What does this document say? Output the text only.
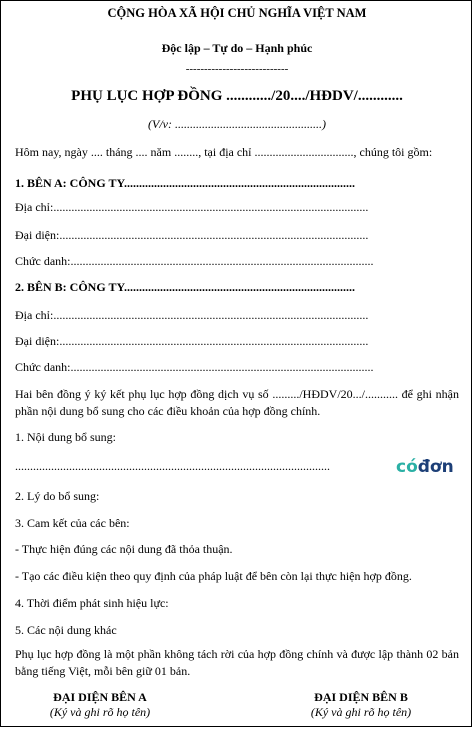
CỘNG HÒA XÃ HỘI CHỦ NGHĨA VIỆT NAM
Độc lập – Tự do – Hạnh phúc
----------------------------
PHỤ LỤC HỢP ĐỒNG ............/20..../HĐDV/............
(V/v: .................................................)
Hôm nay, ngày .... tháng .... năm ........, tại địa chỉ ................................., chúng tôi gồm:
1. BÊN A: CÔNG TY.............................................................................
Địa chỉ:.........................................................................................................
Đại diện:.......................................................................................................
Chức danh:.....................................................................................................
2. BÊN B: CÔNG TY.............................................................................
Địa chỉ:.........................................................................................................
Đại diện:.......................................................................................................
Chức danh:.....................................................................................................
Hai bên đồng ý ký kết phụ lục hợp đồng dịch vụ số ........./HĐDV/20.../........... để ghi nhận phần nội dung bổ sung cho các điều khoản của hợp đồng chính.
1. Nội dung bổ sung:
.........................................................................................................	cóđơn
2. Lý do bổ sung:
3. Cam kết của các bên:
- Thực hiện đúng các nội dung đã thỏa thuận.
- Tạo các điều kiện theo quy định của pháp luật để bên còn lại thực hiện hợp đồng.
4. Thời điểm phát sinh hiệu lực:
5. Các nội dung khác
Phụ lục hợp đồng là một phần không tách rời của hợp đồng chính và được lập thành 02 bản bằng tiếng Việt, mỗi bên giữ 01 bản.
ĐẠI DIỆN BÊN A
(Ký và ghi rõ họ tên)
ĐẠI DIỆN BÊN B
(Ký và ghi rõ họ tên)
